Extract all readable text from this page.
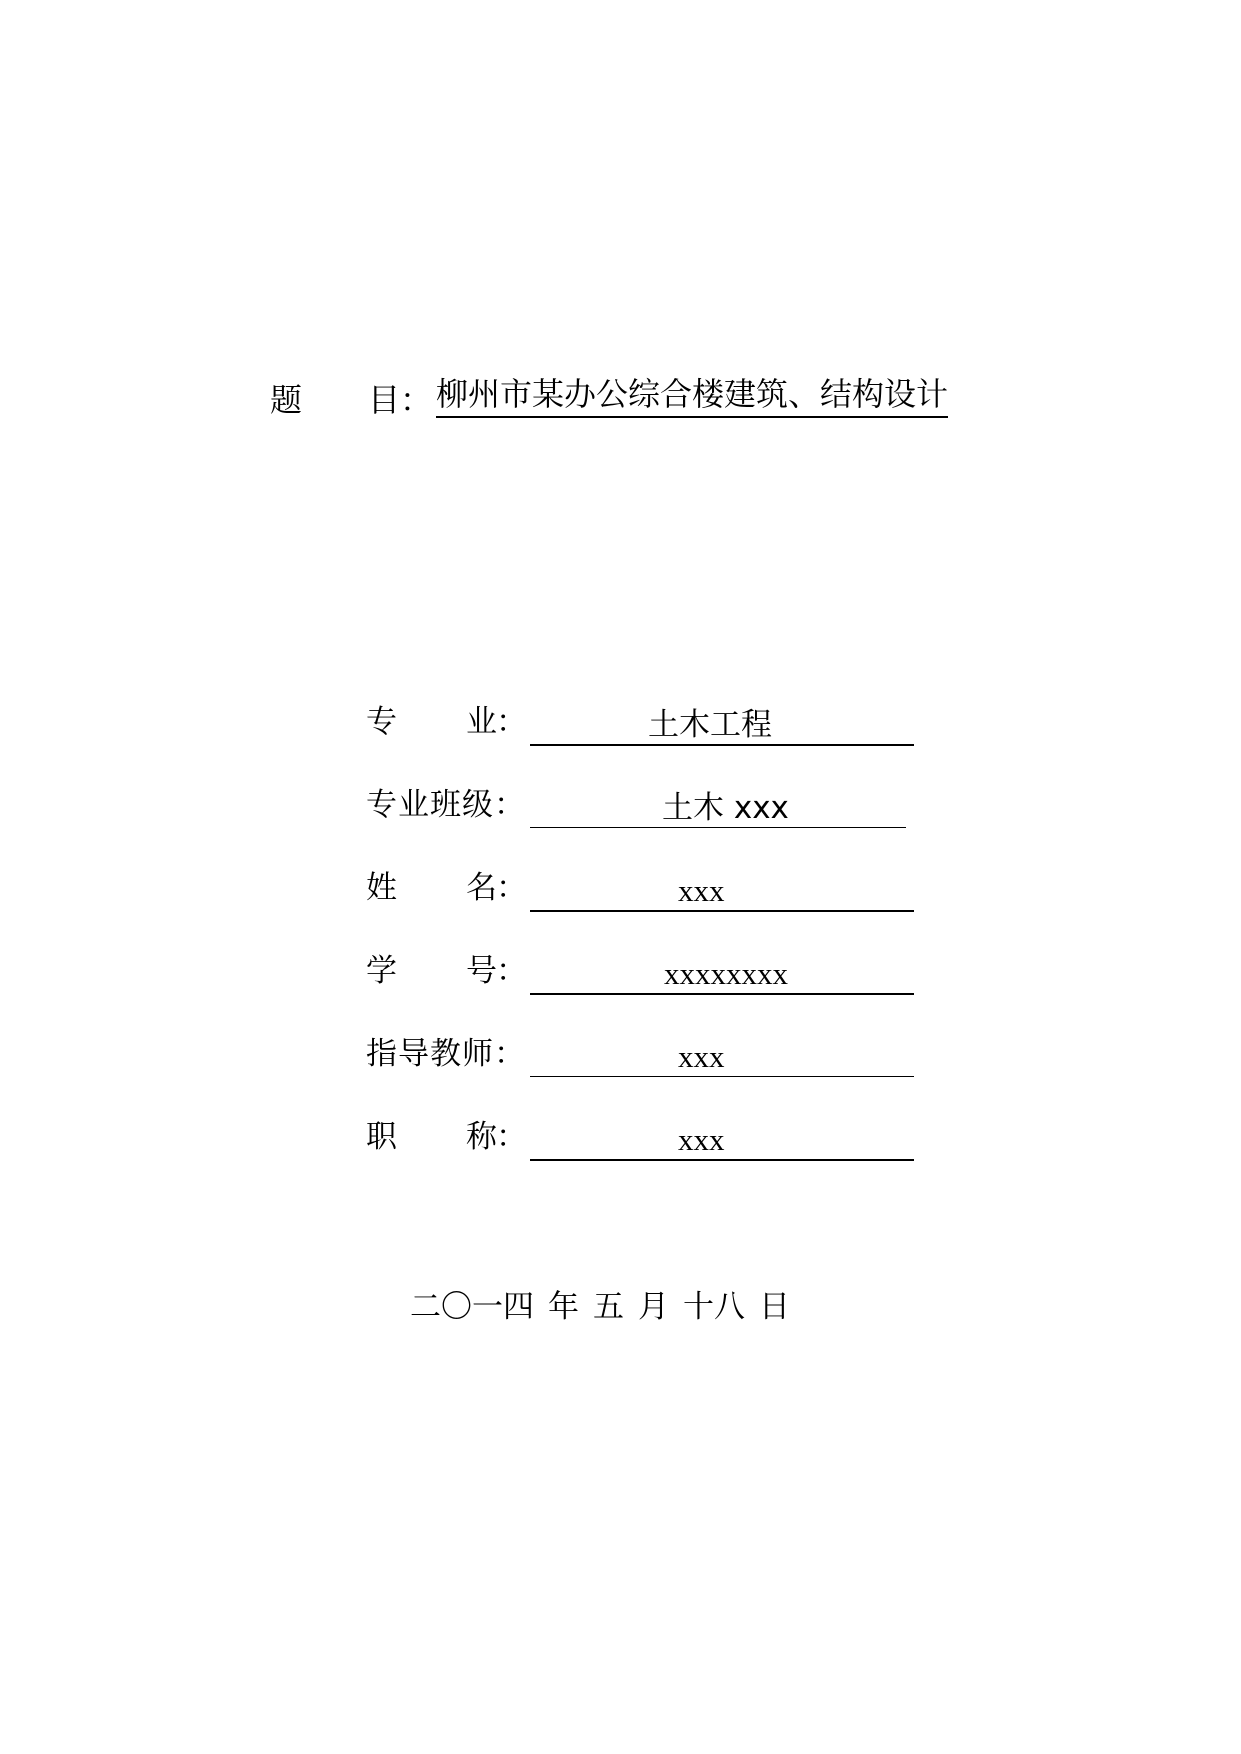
题 目 ： 柳州市某办公综合楼建筑、结构设计
专 业 ：	土木工程
专业班级：	土木 xxx
姓 名 ：	xxx
学 号 ：	xxxxxxxx
指导教师：	xxx
职 称 ：	xxx
二〇一四 年 五 月 十八 日
